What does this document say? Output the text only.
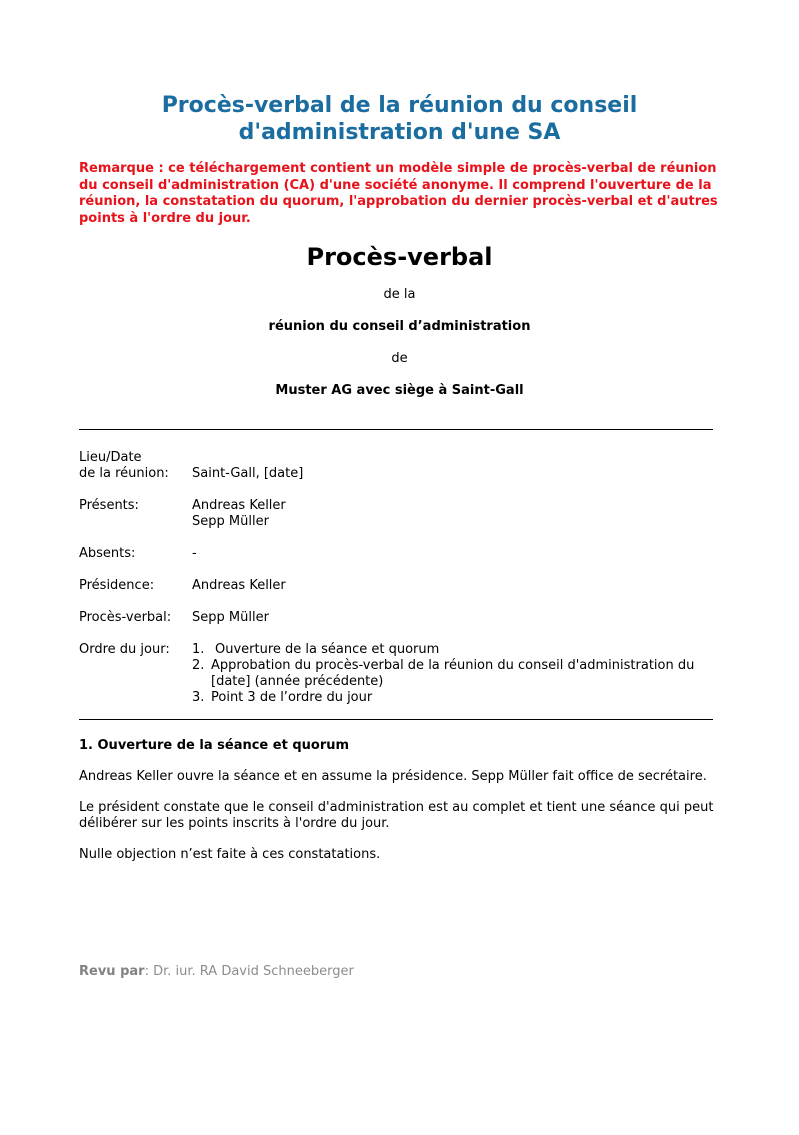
Procès-verbal de la réunion du conseil d'administration d'une SA

Remarque : ce téléchargement contient un modèle simple de procès-verbal de réunion du conseil d'administration (CA) d'une société anonyme. Il comprend l'ouverture de la réunion, la constatation du quorum, l'approbation du dernier procès-verbal et d'autres points à l'ordre du jour.

Procès-verbal
de la
réunion du conseil d’administration
de
Muster AG avec siège à Saint-Gall
Lieu/Date
de la réunion:	Saint-Gall, [date]
Présents:	Andreas Keller
Sepp Müller
Absents:	-
Présidence:	Andreas Keller
Procès-verbal:	Sepp Müller
Ordre du jour:	1. Ouverture de la séance et quorum
2. Approbation du procès-verbal de la réunion du conseil d'administration du [date] (année précédente)
3. Point 3 de l’ordre du jour
1. Ouverture de la séance et quorum

Andreas Keller ouvre la séance et en assume la présidence. Sepp Müller fait office de secrétaire.

Le président constate que le conseil d'administration est au complet et tient une séance qui peut délibérer sur les points inscrits à l'ordre du jour.

Nulle objection n’est faite à ces constatations.

Revu par: Dr. iur. RA David Schneeberger
